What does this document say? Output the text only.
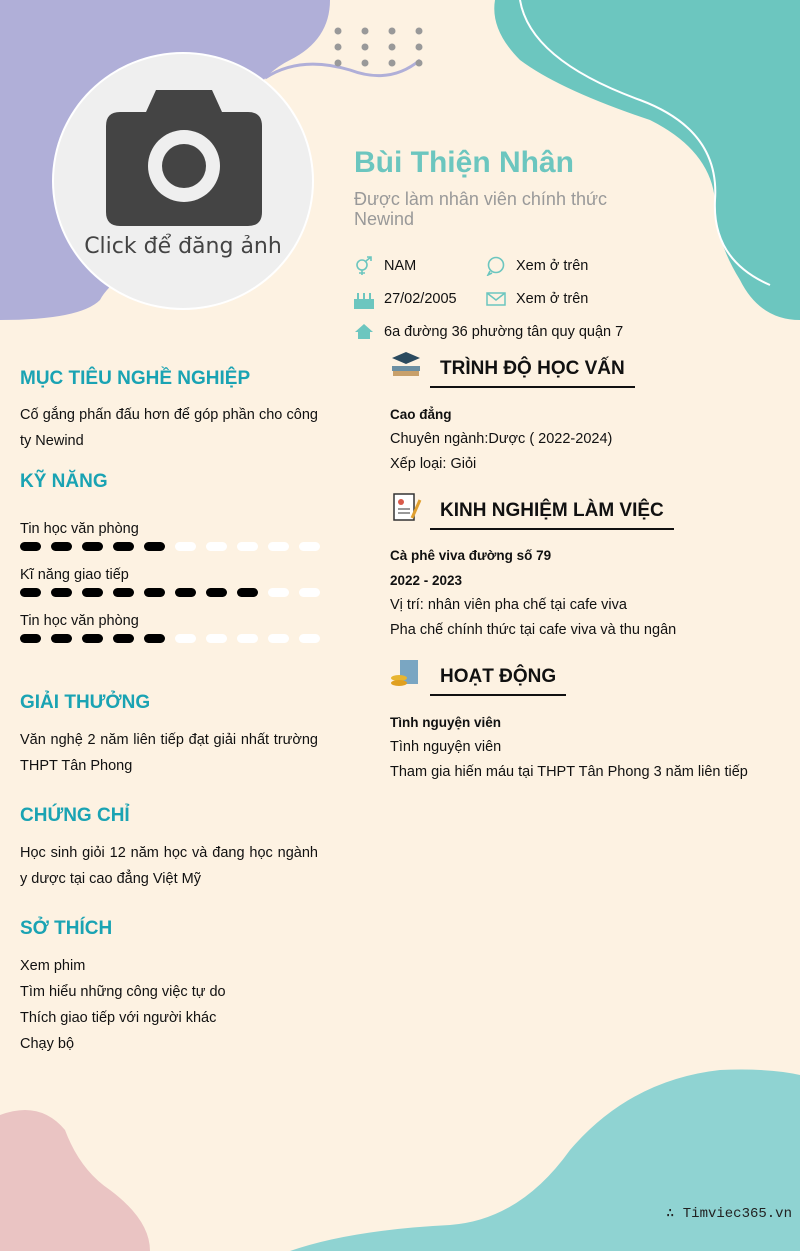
Click để đăng ảnh
Bùi Thiện Nhân
Được làm nhân viên chính thức Newind
NAM	Xem ở trên
27/02/2005	Xem ở trên
6a đường 36 phường tân quy quận 7
MỤC TIÊU NGHỀ NGHIỆP
Cố gắng phấn đấu hơn để góp phần cho công ty Newind
KỸ NĂNG
Tin học văn phòng
Kĩ năng giao tiếp
Tin học văn phòng
GIẢI THƯỞNG
Văn nghệ 2 năm liên tiếp đạt giải nhất trường THPT Tân Phong
CHỨNG CHỈ
Học sinh giỏi 12 năm học và đang học ngành y dược tại cao đẳng Việt Mỹ
SỞ THÍCH
Xem phim
Tìm hiểu những công việc tự do
Thích giao tiếp với người khác
Chạy bộ
TRÌNH ĐỘ HỌC VẤN
Cao đẳng
Chuyên ngành:Dược ( 2022-2024)
Xếp loại: Giỏi
KINH NGHIỆM LÀM VIỆC
Cà phê viva đường số 79
2022 - 2023
Vị trí: nhân viên pha chế tại cafe viva
Pha chế chính thức tại cafe viva và thu ngân
HOẠT ĐỘNG
Tình nguyện viên
Tình nguyện viên
Tham gia hiến máu tại THPT Tân Phong 3 năm liên tiếp
∴ Timviec365.vn
